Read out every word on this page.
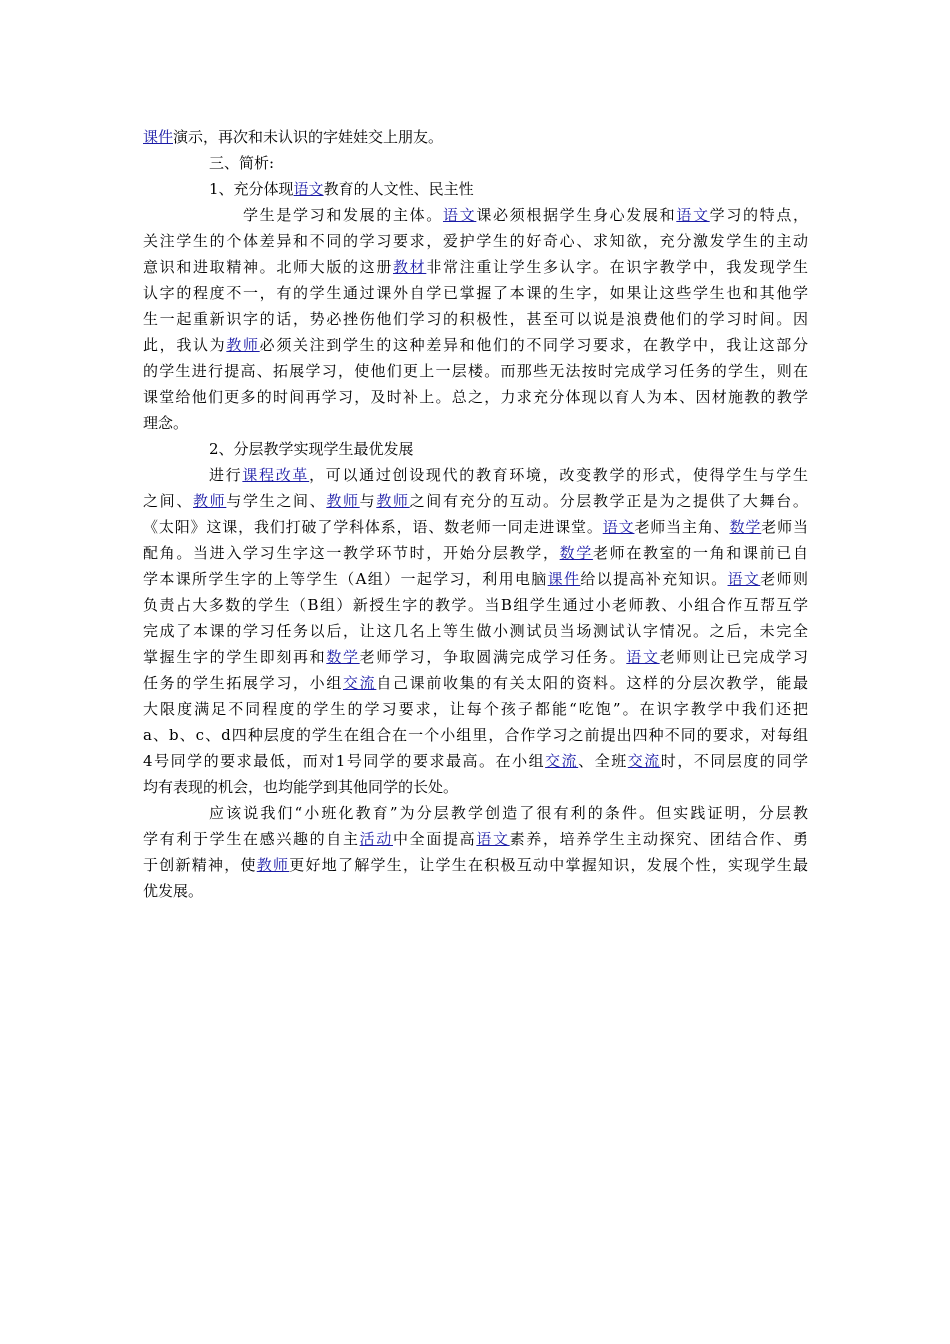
课件演示，再次和未认识的字娃娃交上朋友。
三、简析:
1、充分体现语文教育的人文性、民主性
学生是学习和发展的主体。语文课必须根据学生身心发展和语文学习的特点，
关注学生的个体差异和不同的学习要求，爱护学生的好奇心、求知欲，充分激发学生的主动
意识和进取精神。北师大版的这册教材非常注重让学生多认字。在识字教学中，我发现学生
认字的程度不一，有的学生通过课外自学已掌握了本课的生字，如果让这些学生也和其他学
生一起重新识字的话，势必挫伤他们学习的积极性，甚至可以说是浪费他们的学习时间。因
此，我认为教师必须关注到学生的这种差异和他们的不同学习要求，在教学中，我让这部分
的学生进行提高、拓展学习，使他们更上一层楼。而那些无法按时完成学习任务的学生，则在
课堂给他们更多的时间再学习，及时补上。总之，力求充分体现以育人为本、因材施教的教学
理念。
2、分层教学实现学生最优发展
进行课程改革，可以通过创设现代的教育环境，改变教学的形式，使得学生与学生
之间、教师与学生之间、教师与教师之间有充分的互动。分层教学正是为之提供了大舞台。
《太阳》这课，我们打破了学科体系，语、数老师一同走进课堂。语文老师当主角、数学老师当
配角。当进入学习生字这一教学环节时，开始分层教学，数学老师在教室的一角和课前已自
学本课所学生字的上等学生（A组）一起学习，利用电脑课件给以提高补充知识。语文老师则
负责占大多数的学生（B组）新授生字的教学。当B组学生通过小老师教、小组合作互帮互学
完成了本课的学习任务以后，让这几名上等生做小测试员当场测试认字情况。之后，未完全
掌握生字的学生即刻再和数学老师学习，争取圆满完成学习任务。语文老师则让已完成学习
任务的学生拓展学习，小组交流自己课前收集的有关太阳的资料。这样的分层次教学，能最
大限度满足不同程度的学生的学习要求，让每个孩子都能“吃饱”。在识字教学中我们还把
a、b、c、d四种层度的学生在组合在一个小组里，合作学习之前提出四种不同的要求，对每组
4号同学的要求最低，而对1号同学的要求最高。在小组交流、全班交流时，不同层度的同学
均有表现的机会，也均能学到其他同学的长处。
应该说我们“小班化教育”为分层教学创造了很有利的条件。但实践证明，分层教
学有利于学生在感兴趣的自主活动中全面提高语文素养，培养学生主动探究、团结合作、勇
于创新精神，使教师更好地了解学生，让学生在积极互动中掌握知识，发展个性，实现学生最
优发展。
